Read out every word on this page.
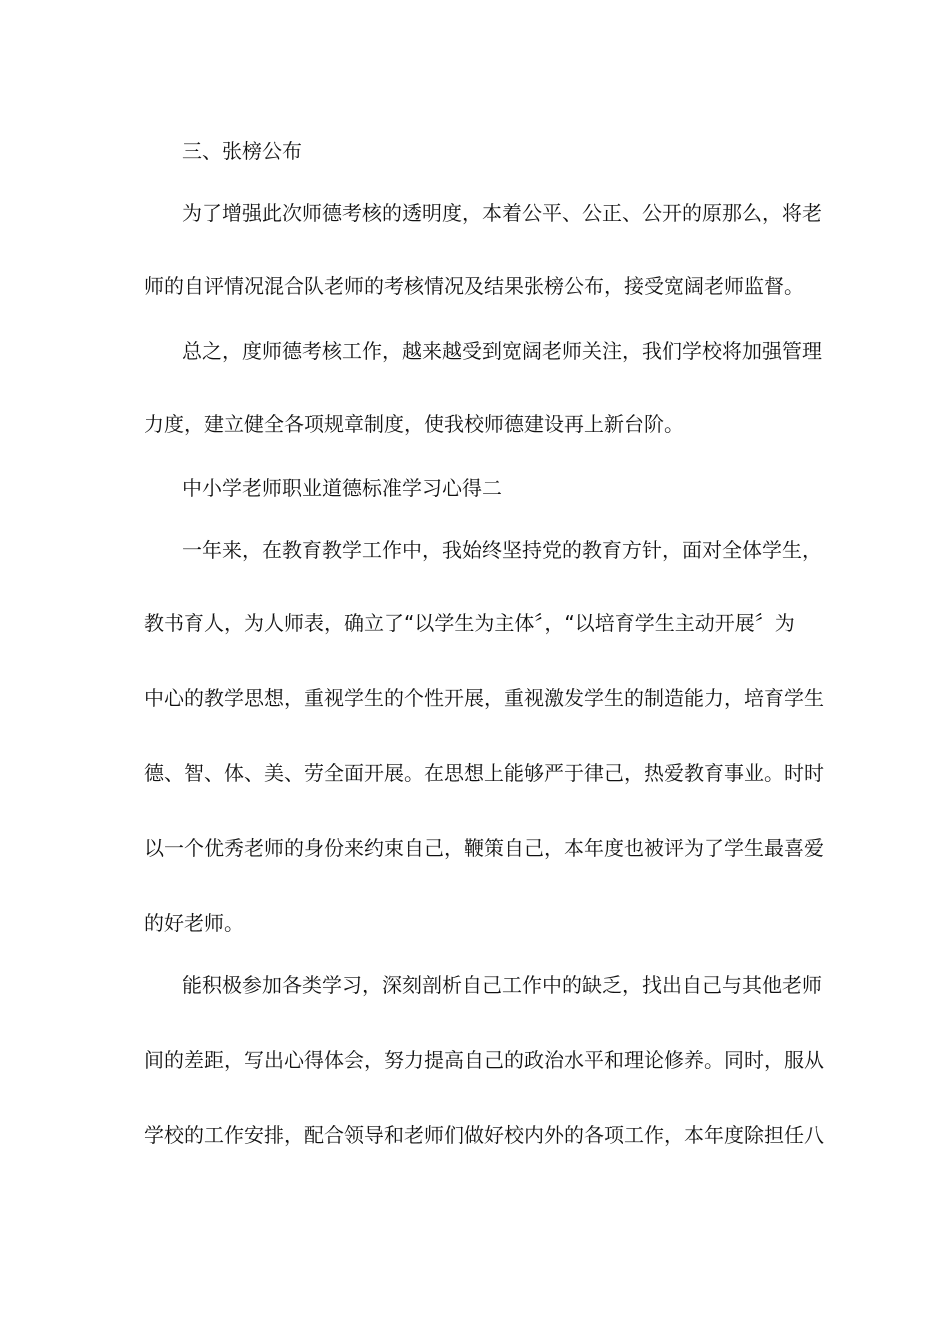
三、张榜公布
为了增强此次师德考核的透明度，本着公平、公正、公开的原那么，将老
师的自评情况混合队老师的考核情况及结果张榜公布，接受宽阔老师监督。
总之，度师德考核工作，越来越受到宽阔老师关注，我们学校将加强管理
力度，建立健全各项规章制度，使我校师德建设再上新台阶。
中小学老师职业道德标准学习心得二
一年来，在教育教学工作中，我始终坚持党的教育方针，面对全体学生，
教书育人，为人师表，确立了“以学生为主体〞，“以培育学生主动开展〞为
中心的教学思想，重视学生的个性开展，重视激发学生的制造能力，培育学生
德、智、体、美、劳全面开展。在思想上能够严于律己，热爱教育事业。时时
以一个优秀老师的身份来约束自己，鞭策自己，本年度也被评为了学生最喜爱
的好老师。
能积极参加各类学习，深刻剖析自己工作中的缺乏，找出自己与其他老师
间的差距，写出心得体会，努力提高自己的政治水平和理论修养。同时，服从
学校的工作安排，配合领导和老师们做好校内外的各项工作，本年度除担任八
